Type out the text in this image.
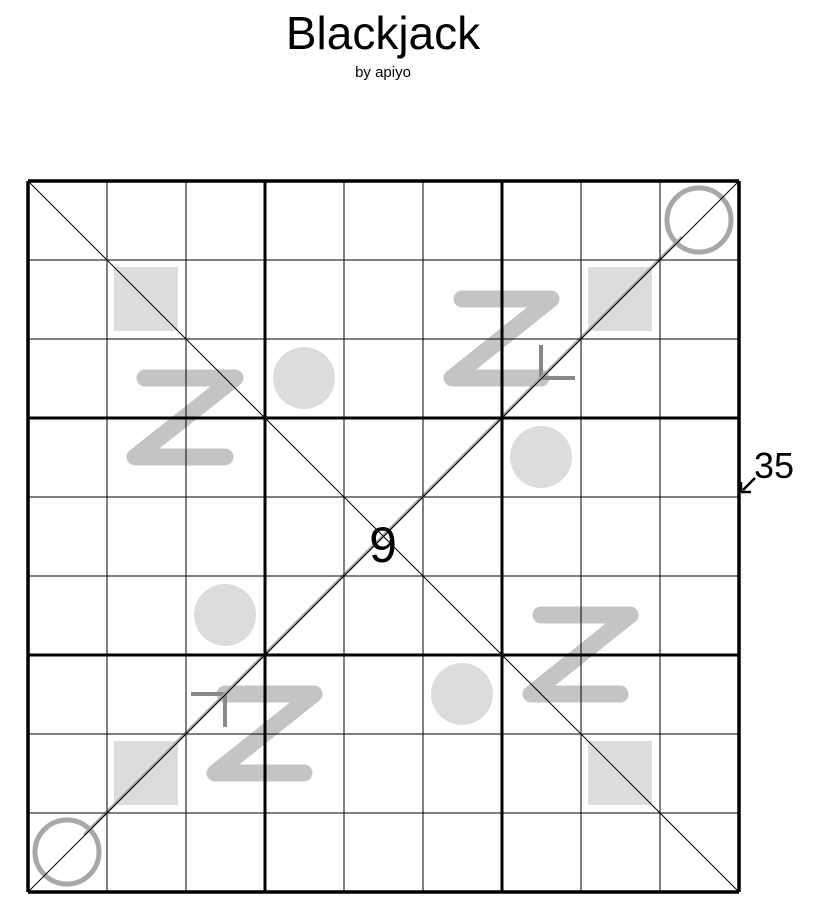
Blackjack
by apiyo
35
